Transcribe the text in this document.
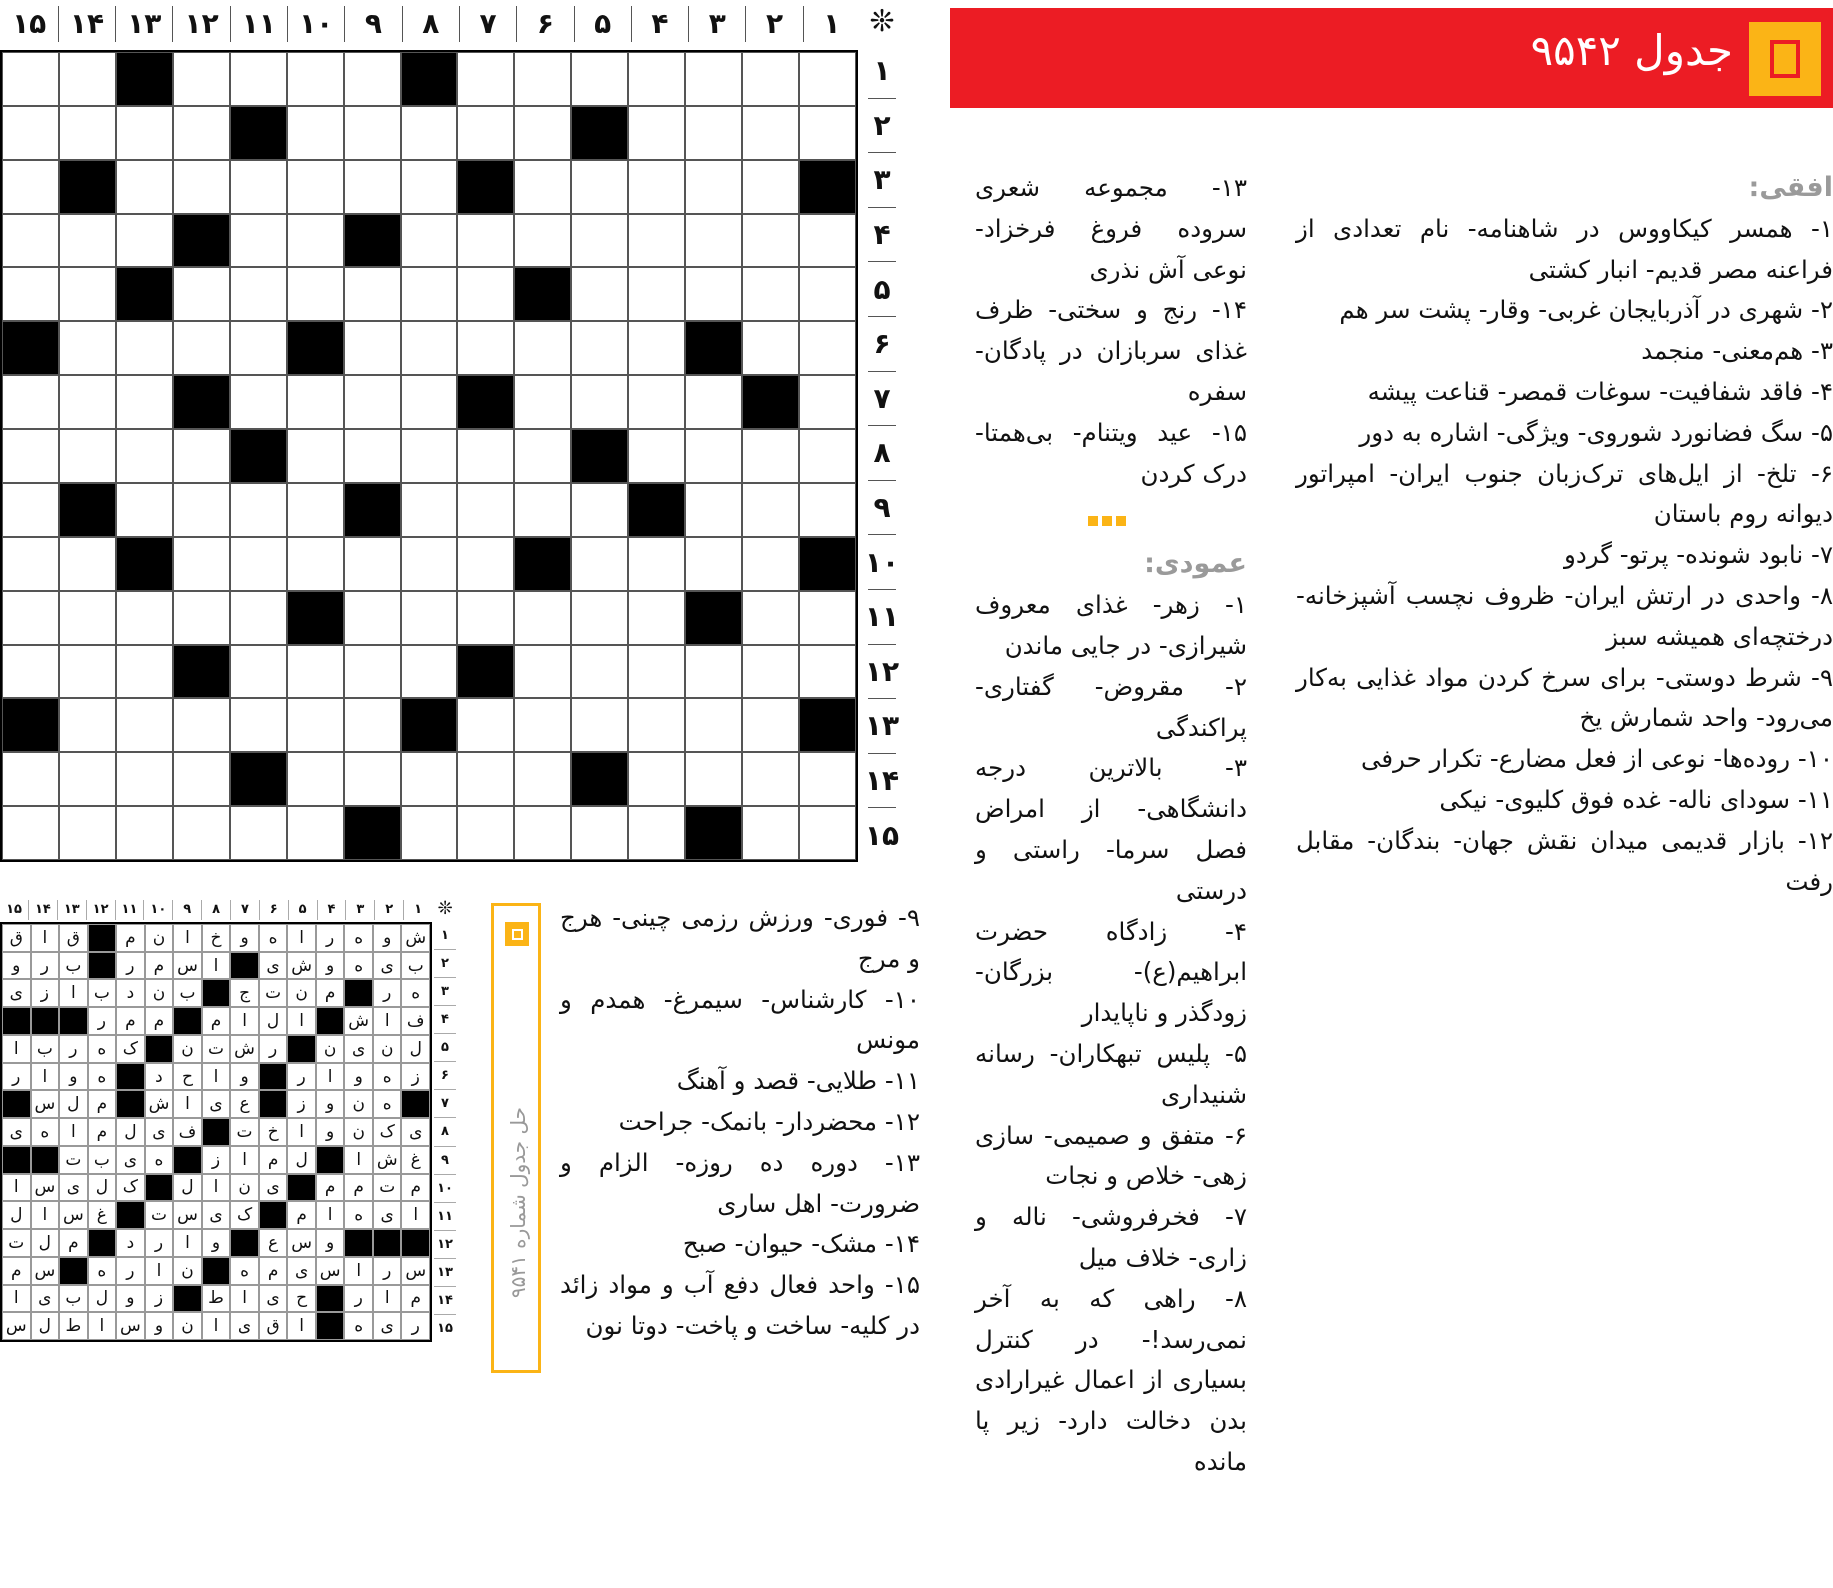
۱
۲
۳
۴
۵
۶
۷
۸
۹
۱۰
۱۱
۱۲
۱۳
۱۴
۱۵	❊
۱
۲
۳
۴
۵
۶
۷
۸
۹
۱۰
۱۱
۱۲
۱۳
۱۴
۱۵
جدول ۹۵۴۲

افقی:

۱- همسر کیکاووس در شاهنامه- نام تعدادی از فراعنه مصر قدیم- انبار کشتی

۲- شهری در آذربایجان غربی- وقار- پشت سر هم

۳- هم‌معنی- منجمد

۴- فاقد شفافیت- سوغات قمصر- قناعت پیشه

۵- سگ فضانورد شوروی- ویژگی- اشاره به دور

۶- تلخ- از ایل‌های ترک‌زبان جنوب ایران- امپراتور دیوانه روم باستان

۷- نابود شونده- پرتو- گردو

۸- واحدی در ارتش ایران- ظروف نچسب آشپزخانه- درختچه‌ای همیشه سبز

۹- شرط دوستی- برای سرخ کردن مواد غذایی به‌کار می‌رود- واحد شمارش یخ

۱۰- روده‌ها- نوعی از فعل مضارع- تکرار حرفی

۱۱- سودای ناله- غده فوق کلیوی- نیکی

۱۲- بازار قدیمی میدان نقش جهان- بندگان- مقابل رفت

۱۳- مجموعه شعری سروده فروغ فرخزاد- نوعی آش نذری

۱۴- رنج و سختی- ظرف غذای سربازان در پادگان- سفره

۱۵- عید ویتنام- بی‌همتا- درک کردن

عمودی:

۱- زهر- غذای معروف شیرازی- در جایی ماندن

۲- مقروض- گفتاری- پراکندگی

۳- بالاترین درجه دانشگاهی- از امراض فصل سرما- راستی و درستی

۴- زادگاه حضرت ابراهیم(ع)- بزرگان- زودگذر و ناپایدار

۵- پلیس تبهکاران- رسانه شنیداری

۶- متفق و صمیمی- سازی زهی- خلاص و نجات

۷- فخرفروشی- ناله و زاری- خلاف میل

۸- راهی که به آخر نمی‌رسد!- در کنترل بسیاری از اعمال غیرارادی بدن دخالت دارد- زیر پا مانده

۹- فوری- ورزش رزمی چینی- هرج و مرج

۱۰- کارشناس- سیمرغ- همدم و مونس

۱۱- طلایی- قصد و آهنگ

۱۲- محضردار- بانمک- جراحت

۱۳- دوره ده روزه- الزام و ضرورت- اهل ساری

۱۴- مشک- حیوان- صبح

۱۵- واحد فعال دفع آب و مواد زائد در کلیه- ساخت و پاخت- دوتا نون

حل جدول شماره ۹۵۴۱
۱
۲
۳
۴
۵
۶
۷
۸
۹
۱۰
۱۱
۱۲
۱۳
۱۴
۱۵	❊
ش
و
ه
ر
ا
ه
و
خ
ا
ن
م
ق
ا
ق
ب
ی
ه
و
ش
ی
ا
س
م
ر
ب
ر
و
ه
ر
م
ن
ت
ج
ب
ن
د
ب
ا
ز
ی
ف
ا
ش
ا
ل
ا
م
م
م
ر
ل
ن
ی
ن
ر
ش
ت
ن
ک
ه
ر
ب
ا
ز
ه
و
ا
ر
و
ا
ح
د
ه
و
ا
ر
ه
ن
و
ز
ع
ی
ا
ش
م
ل
س
ی
ک
ن
و
ا
خ
ت
ف
ی
ل
م
ا
ه
ی
غ
ش
ا
ل
م
ا
ز
ه
ی
ب
ت
م
ت
م
م
ی
ن
ا
ل
ک
ل
ی
س
ا
ا
ی
ه
ا
م
ک
ی
س
ت
غ
س
ا
ل
و
س
ع
و
ا
ر
د
م
ل
ت
س
ر
ا
س
ی
م
ه
ن
ا
ر
ه
س
م
م
ا
ر
ح
ی
ا
ط
ز
و
ل
ب
ی
ا
ر
ی
ه
ا
ق
ی
ا
ن
و
س
ا
ط
ل
س
۱
۲
۳
۴
۵
۶
۷
۸
۹
۱۰
۱۱
۱۲
۱۳
۱۴
۱۵
